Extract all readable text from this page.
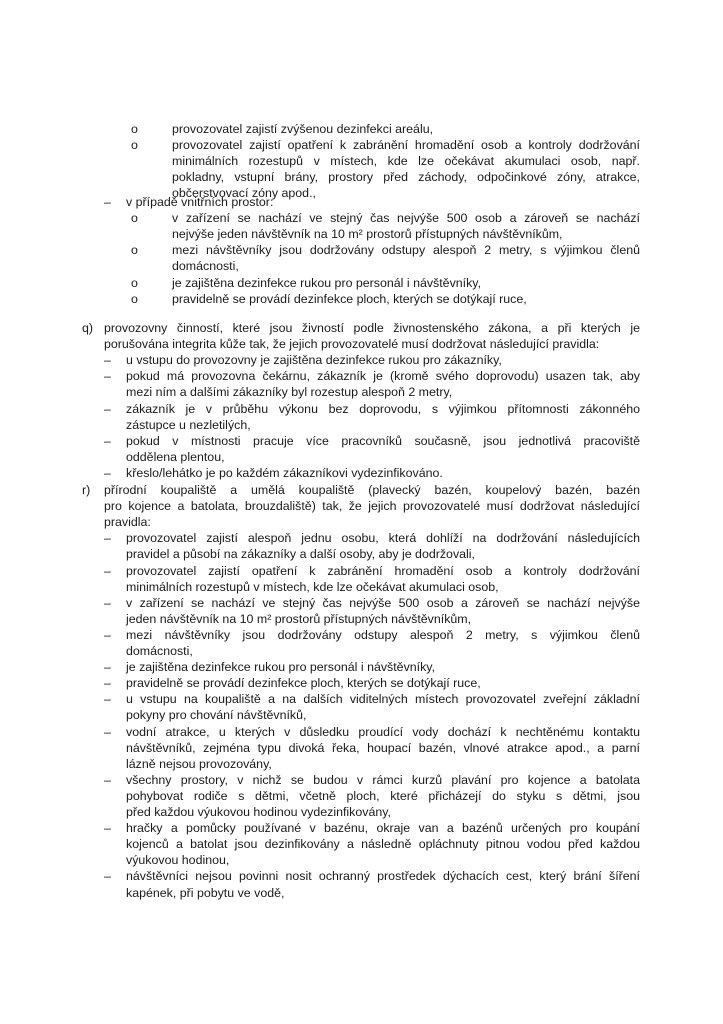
o	provozovatel zajistí zvýšenou dezinfekci areálu,
o	provozovatel zajistí opatření k zabránění hromadění osob a kontroly dodržování
minimálních rozestupů v místech, kde lze očekávat akumulaci osob, např.
pokladny, vstupní brány, prostory před záchody, odpočinkové zóny, atrakce,
občerstvovací zóny apod.,
–	v případě vnitřních prostor:
o	v zařízení se nachází ve stejný čas nejvýše 500 osob a zároveň se nachází
nejvýše jeden návštěvník na 10 m² prostorů přístupných návštěvníkům,
o	mezi návštěvníky jsou dodržovány odstupy alespoň 2 metry, s výjimkou členů
domácnosti,
o	je zajištěna dezinfekce rukou pro personál i návštěvníky,
o	pravidelně se provádí dezinfekce ploch, kterých se dotýkají ruce,
q) provozovny činností, které jsou živností podle živnostenského zákona, a při kterých je
porušována integrita kůže tak, že jejich provozovatelé musí dodržovat následující pravidla:
–	u vstupu do provozovny je zajištěna dezinfekce rukou pro zákazníky,
–	pokud má provozovna čekárnu, zákazník je (kromě svého doprovodu) usazen tak, aby
mezi ním a dalšími zákazníky byl rozestup alespoň 2 metry,
–	zákazník je v průběhu výkonu bez doprovodu, s výjimkou přítomnosti zákonného
zástupce u nezletilých,
–	pokud v místnosti pracuje více pracovníků současně, jsou jednotlivá pracoviště
oddělena plentou,
–	křeslo/lehátko je po každém zákazníkovi vydezinfikováno.
r)	přírodní koupaliště a umělá koupaliště (plavecký bazén, koupelový bazén, bazén
pro kojence a batolata, brouzdaliště) tak, že jejich provozovatelé musí dodržovat následující
pravidla:
–	provozovatel zajistí alespoň jednu osobu, která dohlíží na dodržování následujících
pravidel a působí na zákazníky a další osoby, aby je dodržovali,
–	provozovatel zajistí opatření k zabránění hromadění osob a kontroly dodržování
minimálních rozestupů v místech, kde lze očekávat akumulaci osob,
–	v zařízení se nachází ve stejný čas nejvýše 500 osob a zároveň se nachází nejvýše
jeden návštěvník na 10 m² prostorů přístupných návštěvníkům,
–	mezi návštěvníky jsou dodržovány odstupy alespoň 2 metry, s výjimkou členů
domácnosti,
–	je zajištěna dezinfekce rukou pro personál i návštěvníky,
–	pravidelně se provádí dezinfekce ploch, kterých se dotýkají ruce,
–	u vstupu na koupaliště a na dalších viditelných místech provozovatel zveřejní základní
pokyny pro chování návštěvníků,
–	vodní atrakce, u kterých v důsledku proudící vody dochází k nechtěnému kontaktu
návštěvníků, zejména typu divoká řeka, houpací bazén, vlnové atrakce apod., a parní
lázně nejsou provozovány,
–	všechny prostory, v nichž se budou v rámci kurzů plavání pro kojence a batolata
pohybovat rodiče s dětmi, včetně ploch, které přicházejí do styku s dětmi, jsou
před každou výukovou hodinou vydezinfikovány,
–	hračky a pomůcky používané v bazénu, okraje van a bazénů určených pro koupání
kojenců a batolat jsou dezinfikovány a následně opláchnuty pitnou vodou před každou
výukovou hodinou,
–	návštěvníci nejsou povinni nosit ochranný prostředek dýchacích cest, který brání šíření
kapének, při pobytu ve vodě,
